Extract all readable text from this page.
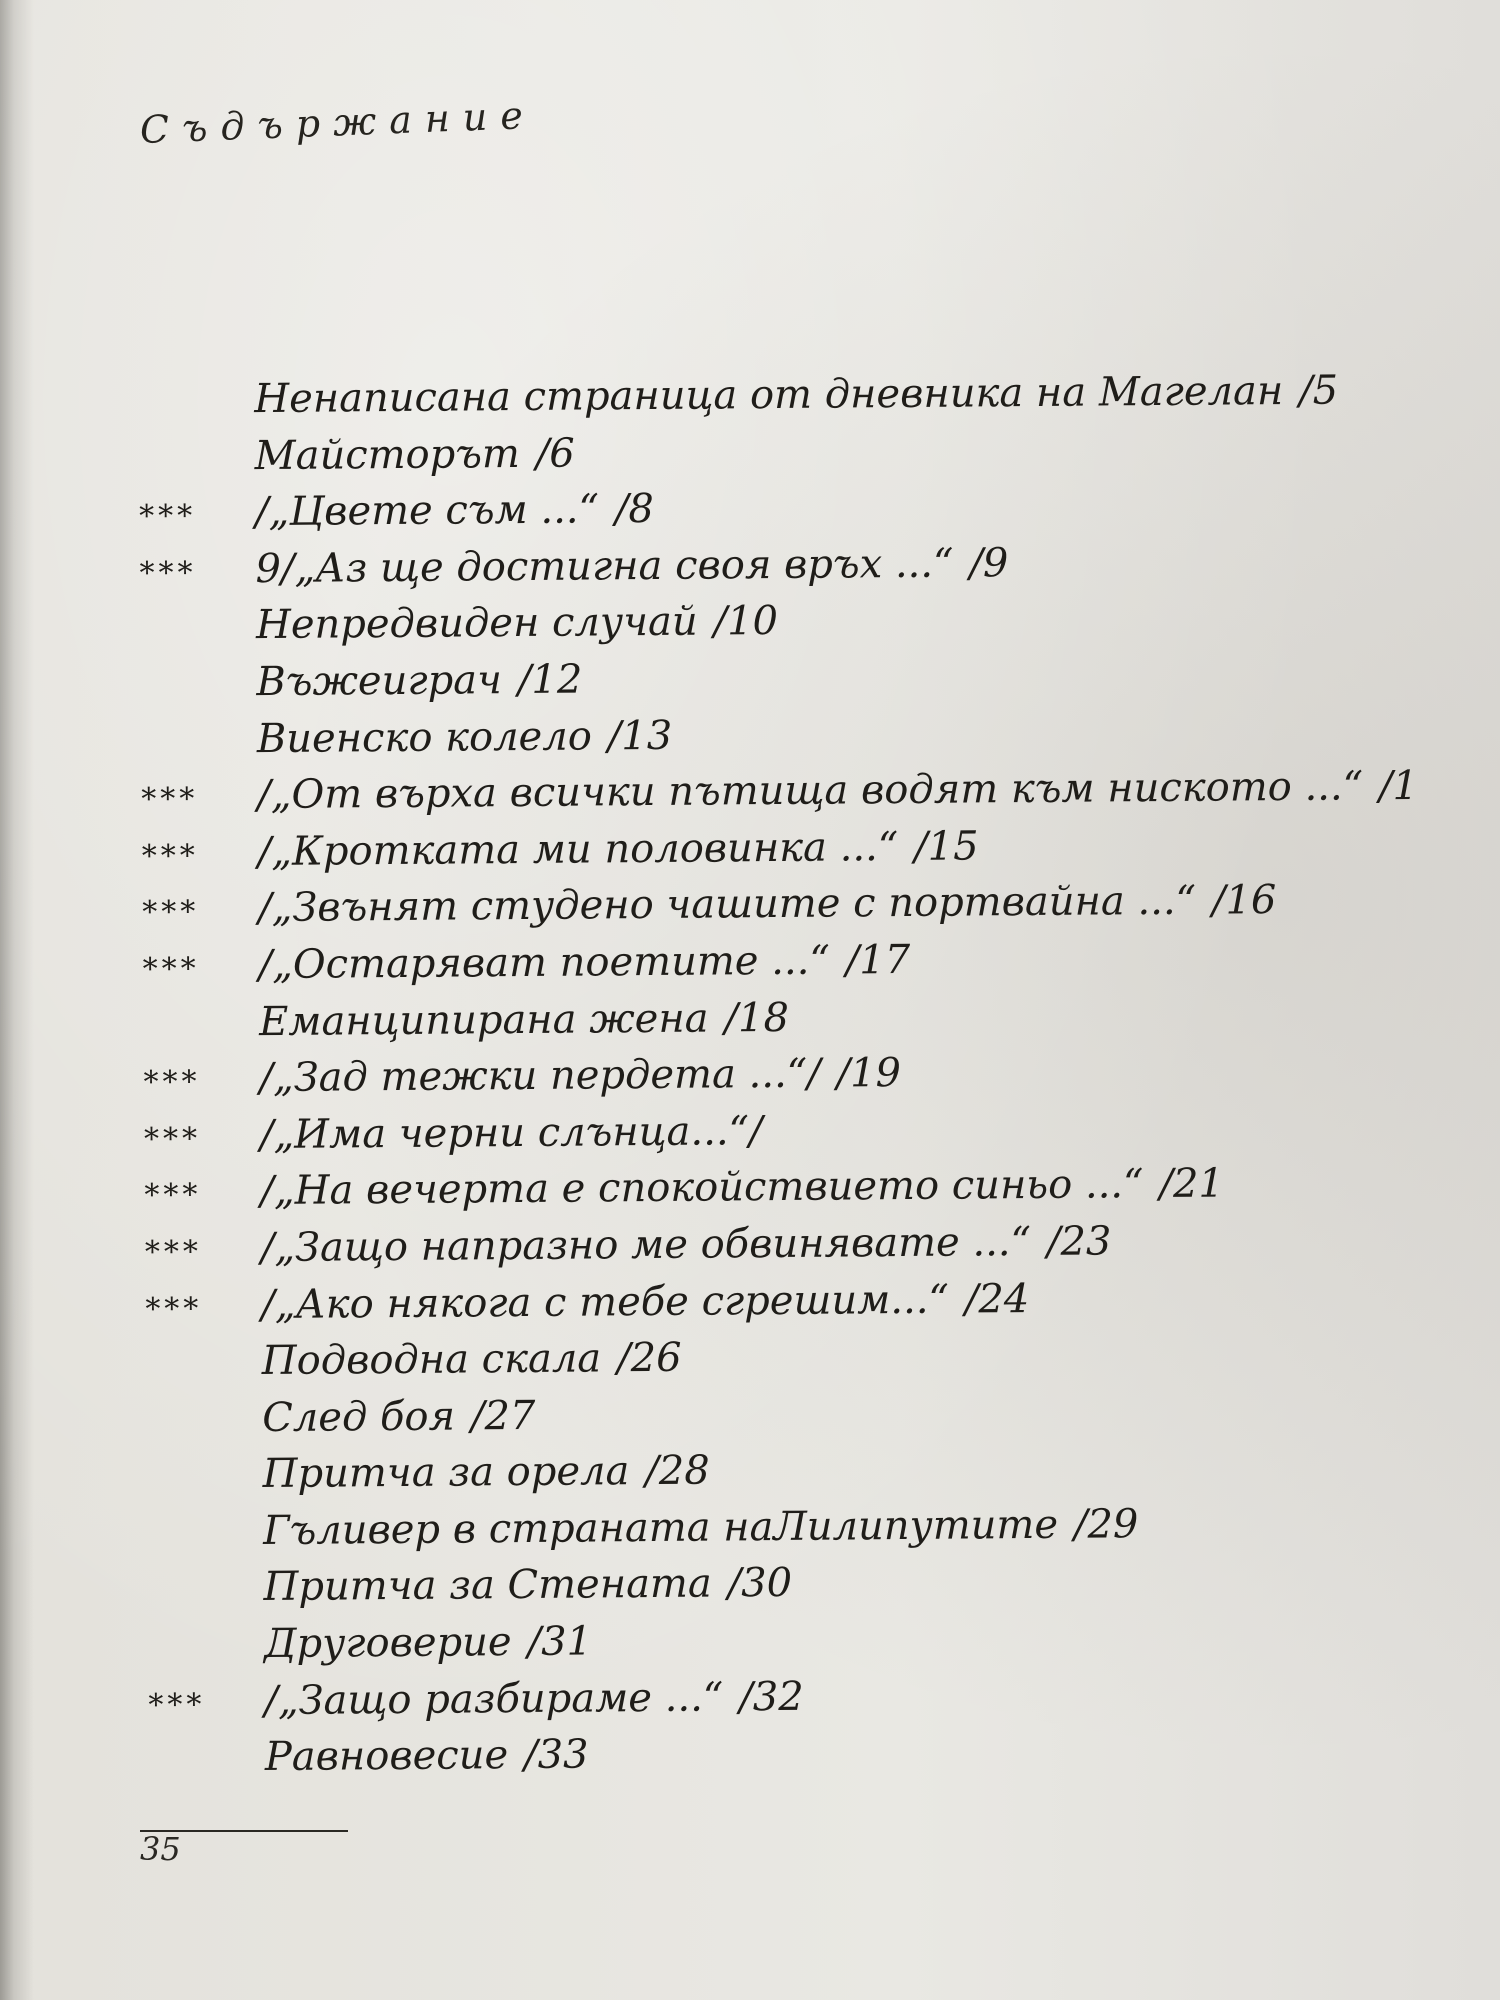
Съдържание
Ненаписана страница от дневника на Магелан /5
Майсторът /6
*** /„Цвете съм ...“ /8
*** 9/„Аз ще достигна своя връх ...“ /9
Непредвиден случай /10
Въжеиграч /12
Виенско колело /13
*** /„От върха всички пътища водят към ниското ...“ /1
*** /„Кротката ми половинка ...“ /15
*** /„Звънят студено чашите с портвайна ...“ /16
*** /„Остаряват поетите ...“ /17
Еманципирана жена /18
*** /„Зад тежки пердета ...“/ /19
*** /„Има черни слънца...“/
*** /„На вечерта е спокойствието синьо ...“ /21
*** /„Защо напразно ме обвинявате ...“ /23
*** /„Ако някога с тебе сгрешим...“ /24
Подводна скала /26
След боя /27
Притча за орела /28
Гъливер в страната наЛилипутите /29
Притча за Стената /30
Друговерие /31
*** /„Защо разбираме ...“ /32
Равновесие /33
35
